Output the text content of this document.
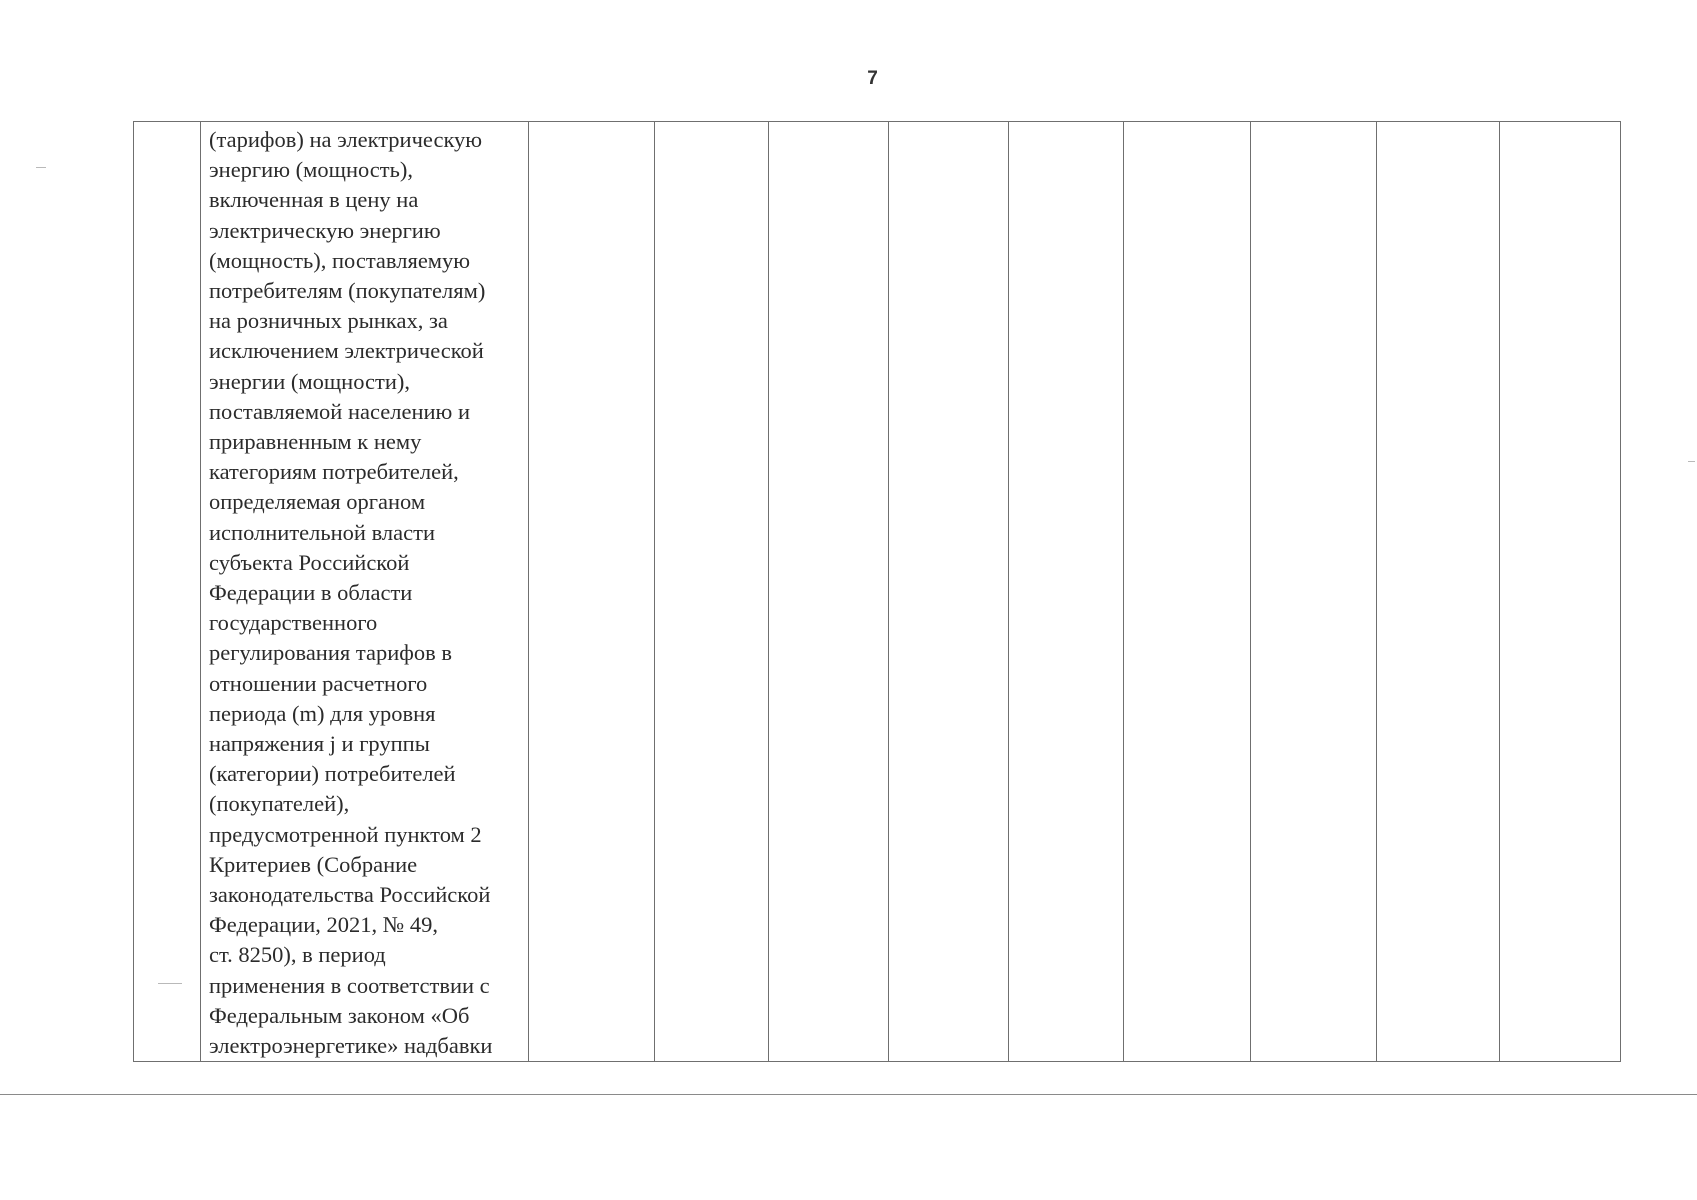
7

(тарифов) на электрическую
энергию (мощность),
включенная в цену на
электрическую энергию
(мощность), поставляемую
потребителям (покупателям)
на розничных рынках, за
исключением электрической
энергии (мощности),
поставляемой населению и
приравненным к нему
категориям потребителей,
определяемая органом
исполнительной власти
субъекта Российской
Федерации в области
государственного
регулирования тарифов в
отношении расчетного
периода (m) для уровня
напряжения j и группы
(категории) потребителей
(покупателей),
предусмотренной пунктом 2
Критериев (Собрание
законодательства Российской
Федерации, 2021, № 49,
ст. 8250), в период
применения в соответствии с
Федеральным законом «Об
электроэнергетике» надбавки
